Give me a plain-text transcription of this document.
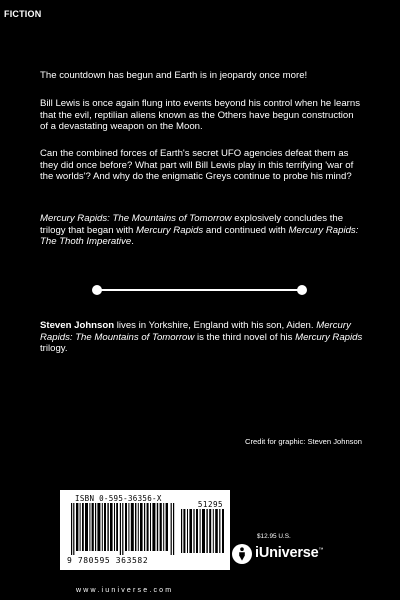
FICTION

The countdown has begun and Earth is in jeopardy once more!

Bill Lewis is once again flung into events beyond his control when he learns that the evil, reptilian aliens known as the Others have begun construction of a devastating weapon on the Moon.

Can the combined forces of Earth's secret UFO agencies defeat them as they did once before? What part will Bill Lewis play in this terrifying 'war of the worlds'? And why do the enigmatic Greys continue to probe his mind?

Mercury Rapids: The Mountains of Tomorrow explosively concludes the trilogy that began with Mercury Rapids and continued with Mercury Rapids: The Thoth Imperative.

Steven Johnson lives in Yorkshire, England with his son, Aiden. Mercury Rapids: The Mountains of Tomorrow is the third novel of his Mercury Rapids trilogy.

Credit for graphic: Steven Johnson
ISBN 0-595-36356-X
51295
9 780595 363582
$12.95 U.S.
iUniverse™
www.iuniverse.com
